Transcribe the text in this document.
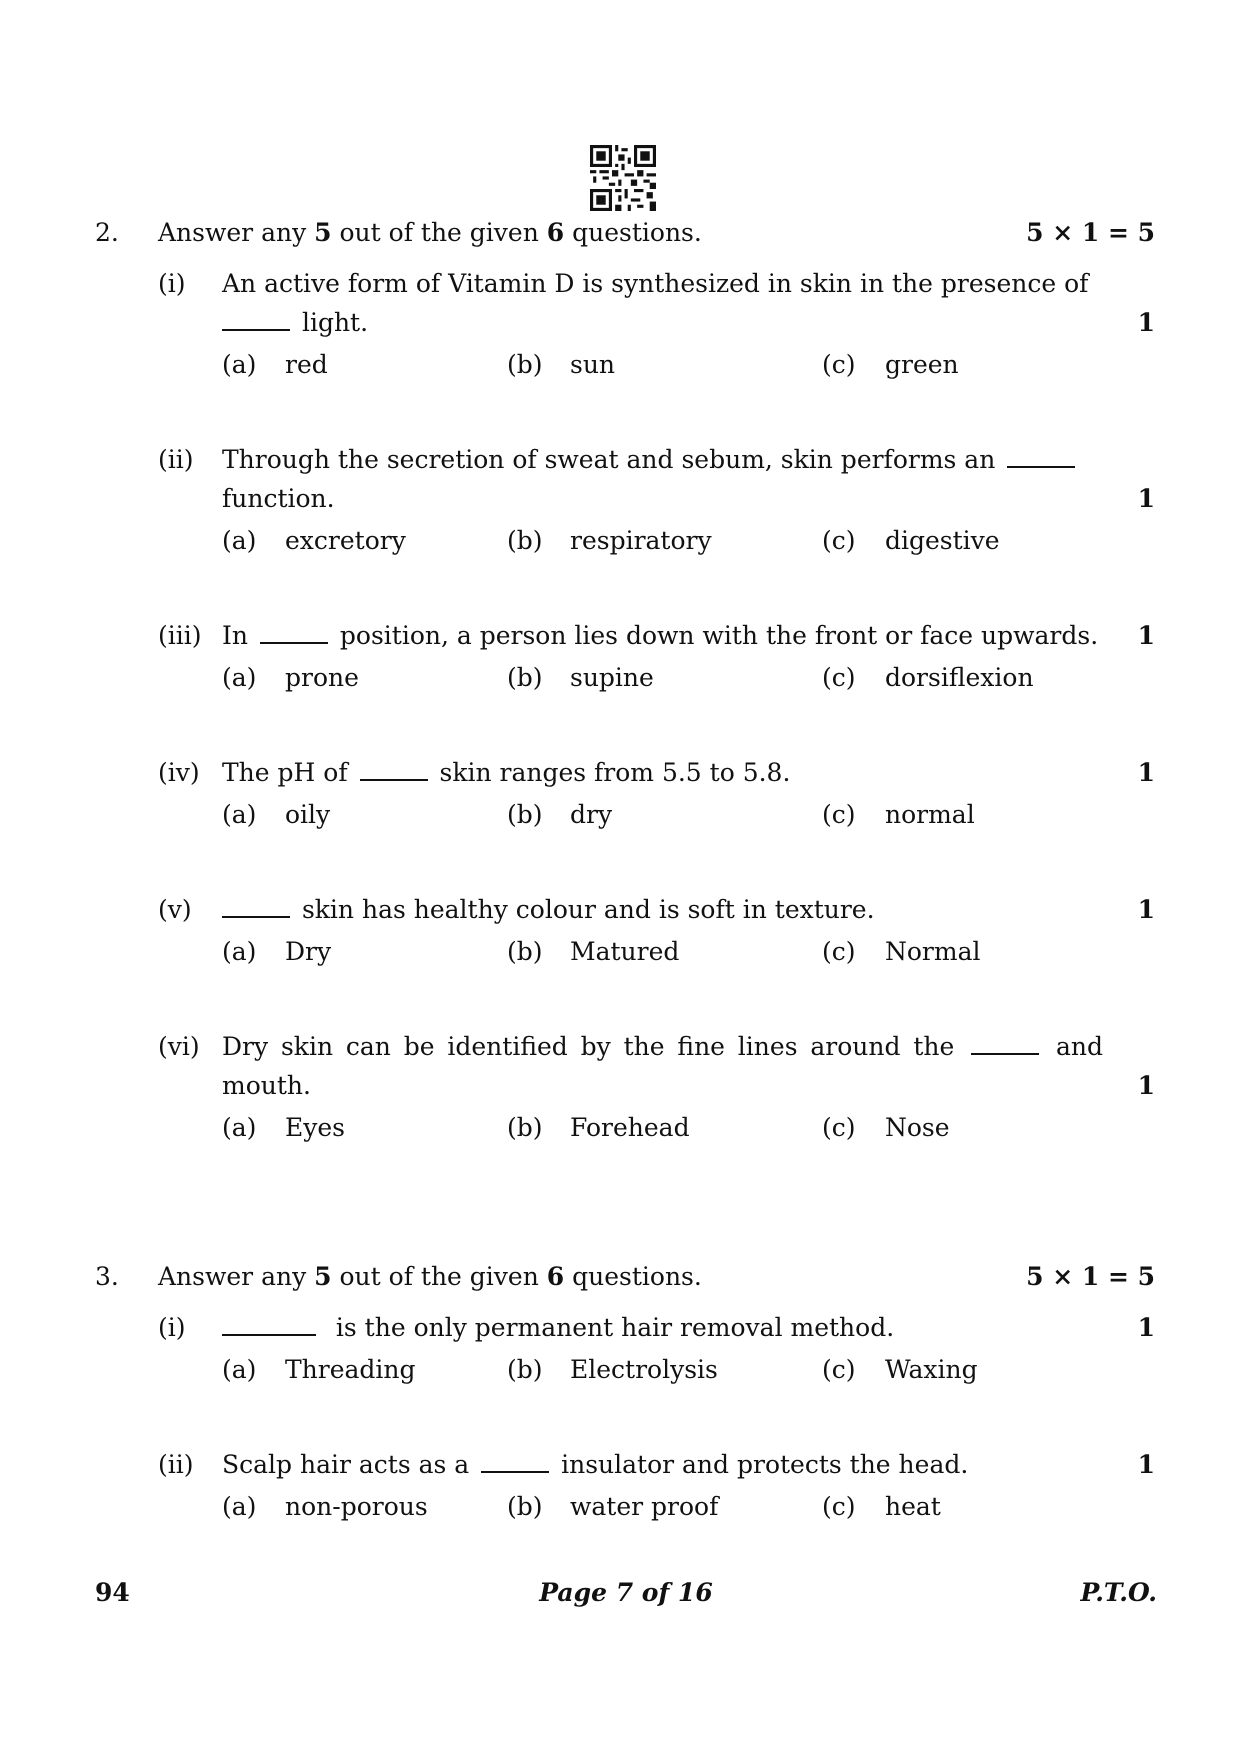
2. Answer any 5 out of the given 6 questions.	5 × 1 = 5
(i) An active form of Vitamin D is synthesized in skin in the presence of
light.	1
(a) red	(b) sun	(c) green
(ii) Through the secretion of sweat and sebum, skin performs an
function.	1
(a) excretory	(b) respiratory	(c) digestive
(iii) In	position, a person lies down with the front or face upwards. 1
(a) prone	(b) supine	(c) dorsiflexion
(iv) The pH of	skin ranges from 5.5 to 5.8.	1
(a) oily	(b) dry	(c) normal
(v)	skin has healthy colour and is soft in texture.	1
(a) Dry	(b) Matured	(c) Normal
(vi) Dry skin can be identified by the fine lines around the	and mouth.	1
(a) Eyes	(b) Forehead	(c) Nose
3. Answer any 5 out of the given 6 questions.	5 × 1 = 5
(i)	is the only permanent hair removal method.	1
(a) Threading	(b) Electrolysis	(c) Waxing
(ii) Scalp hair acts as a	insulator and protects the head.	1
(a) non-porous	(b) water proof	(c) heat
94	Page 7 of 16	P.T.O.
